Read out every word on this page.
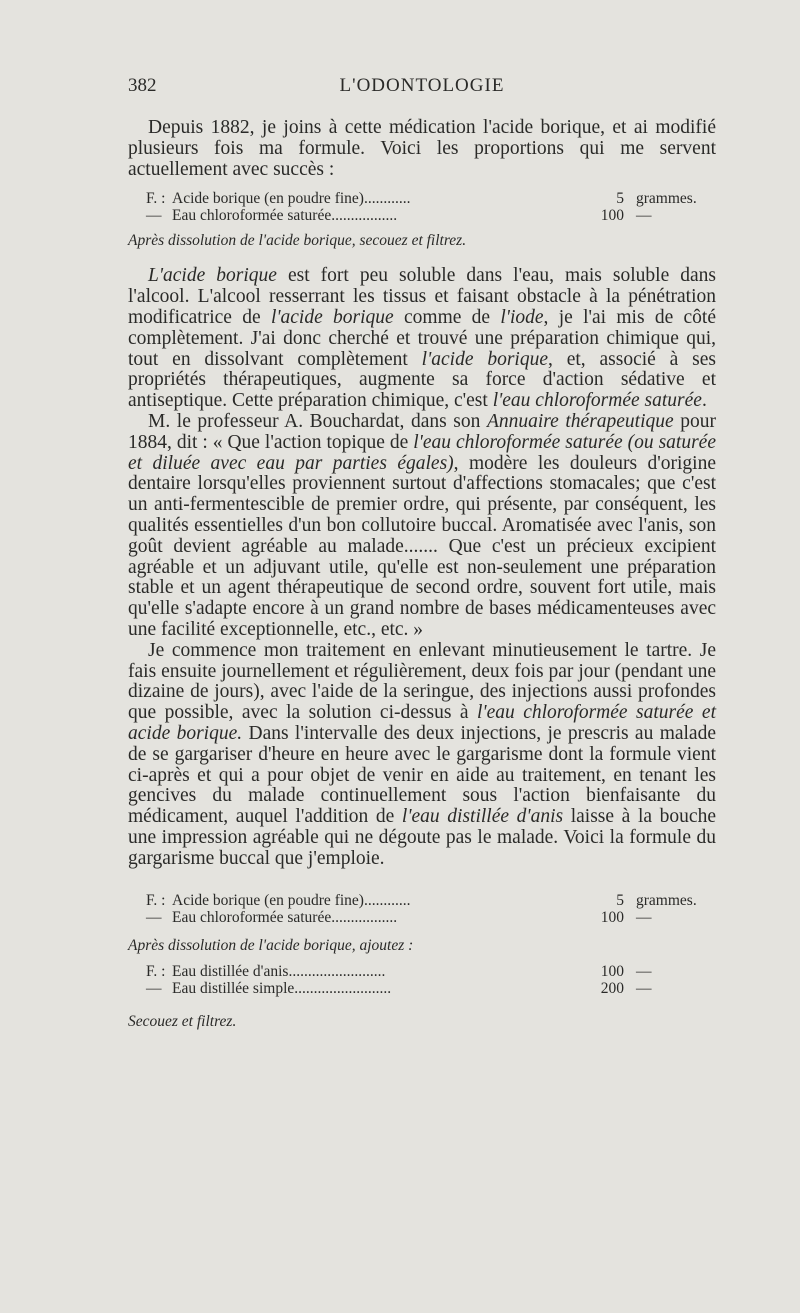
382	L'ODONTOLOGIE

Depuis 1882, je joins à cette médication l'acide borique, et ai modifié plusieurs fois ma formule. Voici les proportions qui me servent actuellement avec succès :

F. : Acide borique (en poudre fine) ............	5 grammes.
— Eau chloroformée saturée .................	100 —
Après dissolution de l'acide borique, secouez et filtrez.

L'acide borique est fort peu soluble dans l'eau, mais soluble dans l'alcool. L'alcool resserrant les tissus et faisant obstacle à la pénétration modificatrice de l'acide borique comme de l'iode, je l'ai mis de côté complètement. J'ai donc cherché et trouvé une préparation chimique qui, tout en dissolvant complètement l'acide borique, et, associé à ses propriétés thérapeutiques, augmente sa force d'action sédative et antiseptique. Cette préparation chimique, c'est l'eau chloroformée saturée.

M. le professeur A. Bouchardat, dans son Annuaire thérapeutique pour 1884, dit : « Que l'action topique de l'eau chloroformée saturée (ou saturée et diluée avec eau par parties égales), modère les douleurs d'origine dentaire lorsqu'elles proviennent surtout d'affections stomacales; que c'est un anti-fermentescible de premier ordre, qui présente, par conséquent, les qualités essentielles d'un bon collutoire buccal. Aromatisée avec l'anis, son goût devient agréable au malade....... Que c'est un précieux excipient agréable et un adjuvant utile, qu'elle est non-seulement une préparation stable et un agent thérapeutique de second ordre, souvent fort utile, mais qu'elle s'adapte encore à un grand nombre de bases médicamenteuses avec une facilité exceptionnelle, etc., etc. »

Je commence mon traitement en enlevant minutieusement le tartre. Je fais ensuite journellement et régulièrement, deux fois par jour (pendant une dizaine de jours), avec l'aide de la seringue, des injections aussi profondes que possible, avec la solution ci-dessus à l'eau chloroformée saturée et acide borique. Dans l'intervalle des deux injections, je prescris au malade de se gargariser d'heure en heure avec le gargarisme dont la formule vient ci-après et qui a pour objet de venir en aide au traitement, en tenant les gencives du malade continuellement sous l'action bienfaisante du médicament, auquel l'addition de l'eau distillée d'anis laisse à la bouche une impression agréable qui ne dégoute pas le malade. Voici la formule du gargarisme buccal que j'emploie.

F. : Acide borique (en poudre fine) ............	5 grammes.
— Eau chloroformée saturée .................	100 —
Après dissolution de l'acide borique, ajoutez :
F. : Eau distillée d'anis .........................	100 —
— Eau distillée simple .........................	200 —
Secouez et filtrez.
